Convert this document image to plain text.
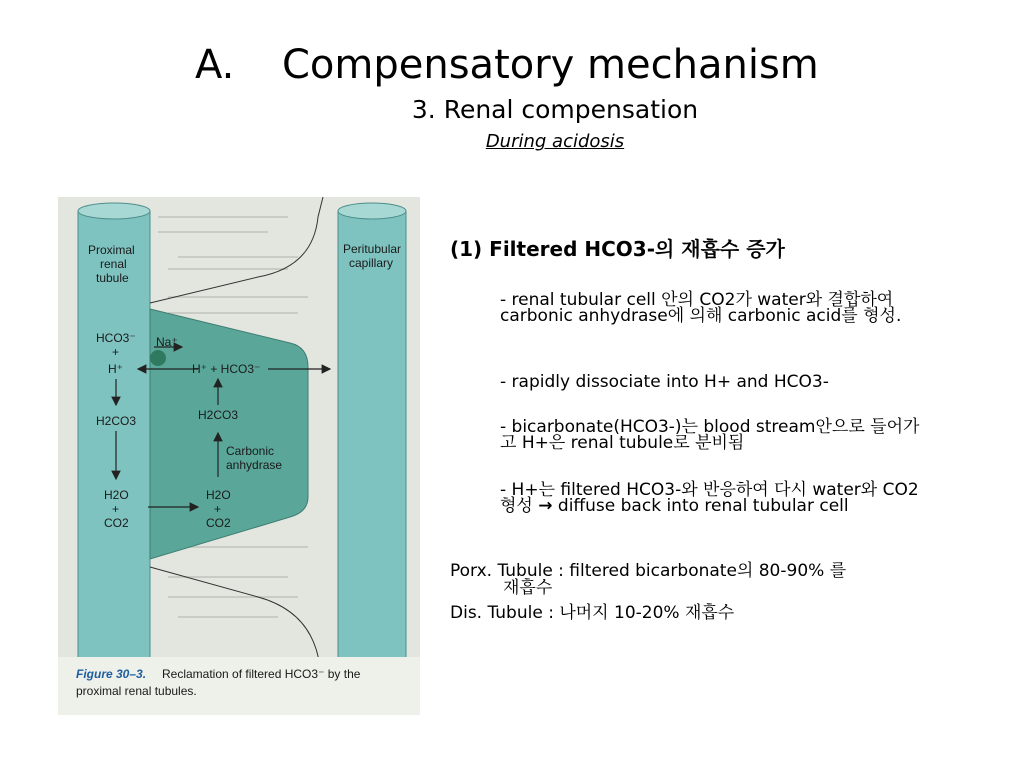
A. Compensatory mechanism
3. Renal compensation
During acidosis
Proximal
renal
tubule
Peritubular
capillary
HCO3⁻
+
H⁺
H2CO3
H2O
+
CO2
Na⁺
H⁺ + HCO3⁻
H2CO3
Carbonic
anhydrase
H2O
+
CO2
Figure 30–3. Reclamation of filtered HCO3⁻ by the
proximal renal tubules.
(1) Filtered HCO3-의 재흡수 증가
- renal tubular cell 안의 CO2가 water와 결합하여 carbonic anhydrase에 의해 carbonic acid를 형성.
- rapidly dissociate into H+ and HCO3-
- bicarbonate(HCO3-)는 blood stream안으로 들어가고 H+은 renal tubule로 분비됨
- H+는 filtered HCO3-와 반응하여 다시 water와 CO2형성 → diffuse back into renal tubular cell
Porx. Tubule : filtered bicarbonate의 80-90% 를
재흡수
Dis. Tubule : 나머지 10-20% 재흡수
